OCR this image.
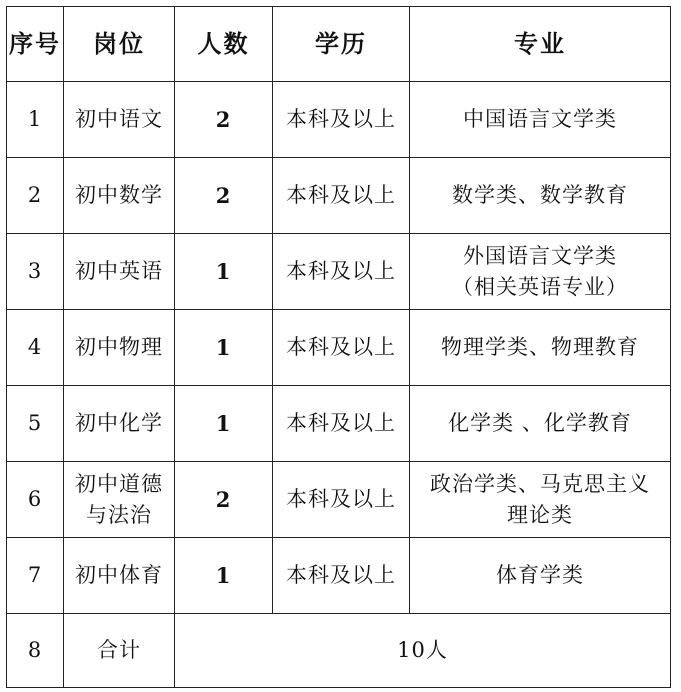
序号	岗位	人数	学历	专业
1	初中语文	2	本科及以上	中国语言文学类
2	初中数学	2	本科及以上	数学类、数学教育
3	初中英语	1	本科及以上	外国语言文学类（相关英语专业）
4	初中物理	1	本科及以上	物理学类、物理教育
5	初中化学	1	本科及以上	化学类 、化学教育
6	初中道德与法治	2	本科及以上	政治学类、马克思主义理论类
7	初中体育	1	本科及以上	体育学类
8	合计	10人		
